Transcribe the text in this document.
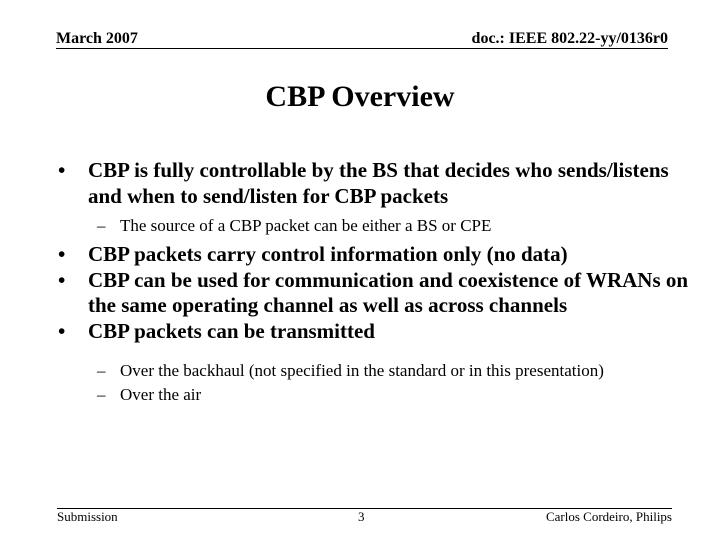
March 2007	doc.: IEEE 802.22-yy/0136r0
CBP Overview
• CBP is fully controllable by the BS that decides who sends/listens and when to send/listen for CBP packets
– The source of a CBP packet can be either a BS or CPE
• CBP packets carry control information only (no data)
• CBP can be used for communication and coexistence of WRANs on the same operating channel as well as across channels
• CBP packets can be transmitted
– Over the backhaul (not specified in the standard or in this presentation)
– Over the air
Submission	3	Carlos Cordeiro, Philips
